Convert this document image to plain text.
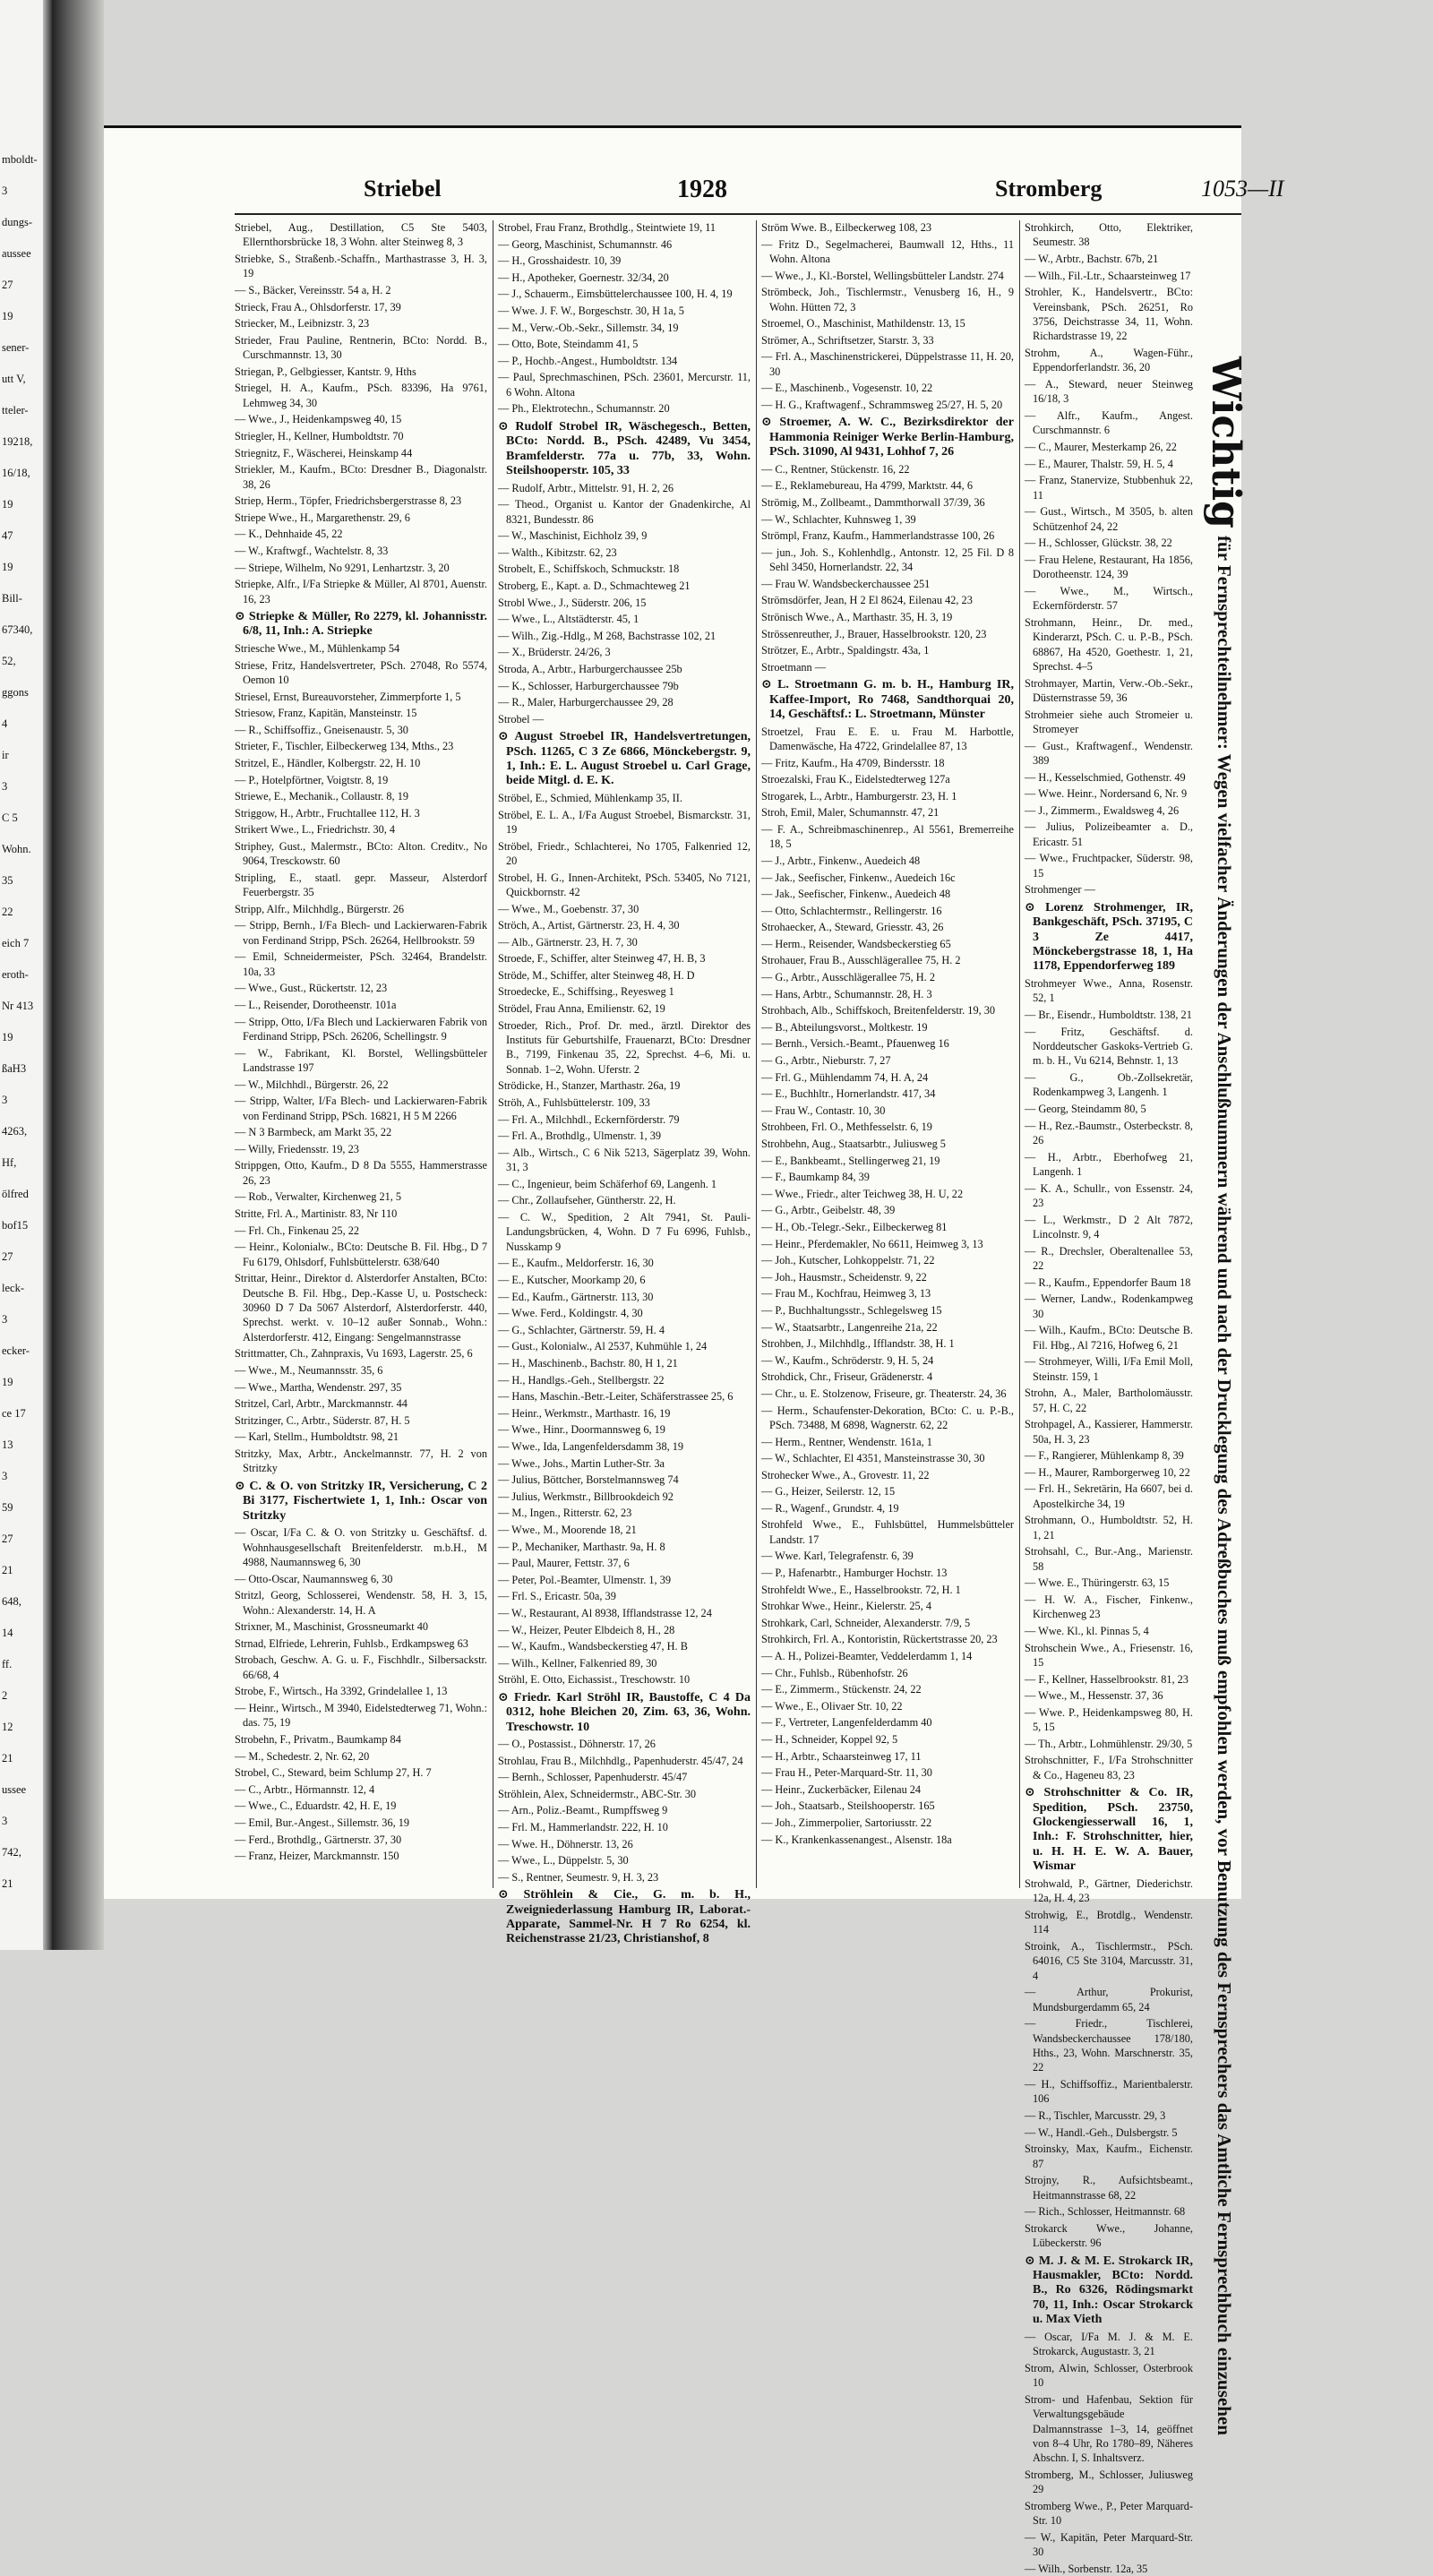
mboldt-
3
dungs-
aussee
27
19
sener-
utt V,
tteler-
19218,
16/18,
19
47
19
Bill-
67340,
52,
ggons
4
ir
3
C 5
Wohn.
35
22
eich 7
eroth-
Nr 413
19
ßaH3
3
4263,
Hf,
ölfred
bof15
27
leck-
3
ecker-
19
ce 17
13
3
59
27
21
648,
14
ff.
2
12
21
ussee
3
742,
21
Striebel	1928	Stromberg	1053—II
Striebel, Aug., Destillation, C5 Ste 5403, Ellernthorsbrücke 18, 3 Wohn. alter Steinweg 8, 3
Striebke, S., Straßenb.-Schaffn., Marthastrasse 3, H. 3, 19
— S., Bäcker, Vereinsstr. 54 a, H. 2
Strieck, Frau A., Ohlsdorferstr. 17, 39
Striecker, M., Leibnizstr. 3, 23
Strieder, Frau Pauline, Rentnerin, BCto: Nordd. B., Curschmannstr. 13, 30
Striegan, P., Gelbgiesser, Kantstr. 9, Hths
Striegel, H. A., Kaufm., PSch. 83396, Ha 9761, Lehmweg 34, 30
— Wwe., J., Heidenkampsweg 40, 15
Striegler, H., Kellner, Humboldtstr. 70
Striegnitz, F., Wäscherei, Heinskamp 44
Striekler, M., Kaufm., BCto: Dresdner B., Diagonalstr. 38, 26
Striep, Herm., Töpfer, Friedrichsbergerstrasse 8, 23
Striepe Wwe., H., Margarethenstr. 29, 6
— K., Dehnhaide 45, 22
— W., Kraftwgf., Wachtelstr. 8, 33
— Striepe, Wilhelm, No 9291, Lenhartzstr. 3, 20
Striepke, Alfr., I/Fa Striepke & Müller, Al 8701, Auenstr. 16, 23
⊙ Striepke & Müller, Ro 2279, kl. Johannisstr. 6/8, 11, Inh.: A. Striepke
Striesche Wwe., M., Mühlenkamp 54
Striese, Fritz, Handelsvertreter, PSch. 27048, Ro 5574, Oemon 10
Striesel, Ernst, Bureauvorsteher, Zimmerpforte 1, 5
Striesow, Franz, Kapitän, Mansteinstr. 15
— R., Schiffsoffiz., Gneisenaustr. 5, 30
Strieter, F., Tischler, Eilbeckerweg 134, Mths., 23
Stritzel, E., Händler, Kolbergstr. 22, H. 10
— P., Hotelpförtner, Voigtstr. 8, 19
Striewe, E., Mechanik., Collaustr. 8, 19
Striggow, H., Arbtr., Fruchtallee 112, H. 3
Strikert Wwe., L., Friedrichstr. 30, 4
Striphey, Gust., Malermstr., BCto: Alton. Creditv., No 9064, Tresckowstr. 60
Stripling, E., staatl. gepr. Masseur, Alsterdorf Feuerbergstr. 35
Stripp, Alfr., Milchhdlg., Bürgerstr. 26
— Stripp, Bernh., I/Fa Blech- und Lackierwaren-Fabrik von Ferdinand Stripp, PSch. 26264, Hellbrookstr. 59
— Emil, Schneidermeister, PSch. 32464, Brandelstr. 10a, 33
— Wwe., Gust., Rückertstr. 12, 23
— L., Reisender, Dorotheenstr. 101a
— Stripp, Otto, I/Fa Blech und Lackierwaren Fabrik von Ferdinand Stripp, PSch. 26206, Schellingstr. 9
— W., Fabrikant, Kl. Borstel, Wellingsbütteler Landstrasse 197
— W., Milchhdl., Bürgerstr. 26, 22
— Stripp, Walter, I/Fa Blech- und Lackierwaren-Fabrik von Ferdinand Stripp, PSch. 16821, H 5 M 2266
— N 3 Barmbeck, am Markt 35, 22
— Willy, Friedensstr. 19, 23
Strippgen, Otto, Kaufm., D 8 Da 5555, Hammerstrasse 26, 23
— Rob., Verwalter, Kirchenweg 21, 5
Stritte, Frl. A., Martinistr. 83, Nr 110
— Frl. Ch., Finkenau 25, 22
— Heinr., Kolonialw., BCto: Deutsche B. Fil. Hbg., D 7 Fu 6179, Ohlsdorf, Fuhlsbüttelerstr. 638/640
Strittar, Heinr., Direktor d. Alsterdorfer Anstalten, BCto: Deutsche B. Fil. Hbg., Dep.-Kasse U, u. Postscheck: 30960 D 7 Da 5067 Alsterdorf, Alsterdorferstr. 440, Sprechst. werkt. v. 10–12 außer Sonnab., Wohn.: Alsterdorferstr. 412, Eingang: Sengelmannstrasse
Strittmatter, Ch., Zahnpraxis, Vu 1693, Lagerstr. 25, 6
— Wwe., M., Neumannsstr. 35, 6
— Wwe., Martha, Wendenstr. 297, 35
Stritzel, Carl, Arbtr., Marckmannstr. 44
Stritzinger, C., Arbtr., Süderstr. 87, H. 5
— Karl, Stellm., Humboldtstr. 98, 21
Stritzky, Max, Arbtr., Anckelmannstr. 77, H. 2 von Stritzky
⊙ C. & O. von Stritzky IR, Versicherung, C 2 Bi 3177, Fischertwiete 1, 1, Inh.: Oscar von Stritzky
— Oscar, I/Fa C. & O. von Stritzky u. Geschäftsf. d. Wohnhausgesellschaft Breitenfelderstr. m.b.H., M 4988, Naumannsweg 6, 30
— Otto-Oscar, Naumannsweg 6, 30
Stritzl, Georg, Schlosserei, Wendenstr. 58, H. 3, 15, Wohn.: Alexanderstr. 14, H. A
Strixner, M., Maschinist, Grossneumarkt 40
Strnad, Elfriede, Lehrerin, Fuhlsb., Erdkampsweg 63
Strobach, Geschw. A. G. u. F., Fischhdlr., Silbersackstr. 66/68, 4
Strobe, F., Wirtsch., Ha 3392, Grindelallee 1, 13
— Heinr., Wirtsch., M 3940, Eidelstedterweg 71, Wohn.: das. 75, 19
Strobehn, F., Privatm., Baumkamp 84
— M., Schedestr. 2, Nr. 62, 20
Strobel, C., Steward, beim Schlump 27, H. 7
— C., Arbtr., Hörmannstr. 12, 4
— Wwe., C., Eduardstr. 42, H. E, 19
— Emil, Bur.-Angest., Sillemstr. 36, 19
— Ferd., Brothdlg., Gärtnerstr. 37, 30
— Franz, Heizer, Marckmannstr. 150
Strobel, Frau Franz, Brothdlg., Steintwiete 19, 11
— Georg, Maschinist, Schumannstr. 46
— H., Grosshaidestr. 10, 39
— H., Apotheker, Goernestr. 32/34, 20
— J., Schauerm., Eimsbüttelerchaussee 100, H. 4, 19
— Wwe. J. F. W., Borgeschstr. 30, H 1a, 5
— M., Verw.-Ob.-Sekr., Sillemstr. 34, 19
— Otto, Bote, Steindamm 41, 5
— P., Hochb.-Angest., Humboldtstr. 134
— Paul, Sprechmaschinen, PSch. 23601, Mercurstr. 11, 6 Wohn. Altona
— Ph., Elektrotechn., Schumannstr. 20
⊙ Rudolf Strobel IR, Wäschegesch., Betten, BCto: Nordd. B., PSch. 42489, Vu 3454, Bramfelderstr. 77a u. 77b, 33, Wohn. Steilshooperstr. 105, 33
— Rudolf, Arbtr., Mittelstr. 91, H. 2, 26
— Theod., Organist u. Kantor der Gnadenkirche, Al 8321, Bundesstr. 86
— W., Maschinist, Eichholz 39, 9
— Walth., Kibitzstr. 62, 23
Strobelt, E., Schiffskoch, Schmuckstr. 18
Stroberg, E., Kapt. a. D., Schmachteweg 21
Strobl Wwe., J., Süderstr. 206, 15
— Wwe., L., Altstädterstr. 45, 1
— Wilh., Zig.-Hdlg., M 268, Bachstrasse 102, 21
— X., Brüderstr. 24/26, 3
Stroda, A., Arbtr., Harburgerchaussee 25b
— K., Schlosser, Harburgerchaussee 79b
— R., Maler, Harburgerchaussee 29, 28
Strobel —
⊙ August Stroebel IR, Handelsvertretungen, PSch. 11265, C 3 Ze 6866, Mönckebergstr. 9, 1, Inh.: E. L. August Stroebel u. Carl Grage, beide Mitgl. d. E. K.
Ströbel, E., Schmied, Mühlenkamp 35, II.
Ströbel, E. L. A., I/Fa August Stroebel, Bismarckstr. 31, 19
Ströbel, Friedr., Schlachterei, No 1705, Falkenried 12, 20
Strobel, H. G., Innen-Architekt, PSch. 53405, No 7121, Quickbornstr. 42
— Wwe., M., Goebenstr. 37, 30
Ströch, A., Artist, Gärtnerstr. 23, H. 4, 30
— Alb., Gärtnerstr. 23, H. 7, 30
Stroede, F., Schiffer, alter Steinweg 47, H. B, 3
Ströde, M., Schiffer, alter Steinweg 48, H. D
Stroedecke, E., Schiffsing., Reyesweg 1
Strödel, Frau Anna, Emilienstr. 62, 19
Stroeder, Rich., Prof. Dr. med., ärztl. Direktor des Instituts für Geburtshilfe, Frauenarzt, BCto: Dresdner B., 7199, Finkenau 35, 22, Sprechst. 4–6, Mi. u. Sonnab. 1–2, Wohn. Uferstr. 2
Strödicke, H., Stanzer, Marthastr. 26a, 19
Ströh, A., Fuhlsbüttelerstr. 109, 33
— Frl. A., Milchhdl., Eckernförderstr. 79
— Frl. A., Brothdlg., Ulmenstr. 1, 39
— Alb., Wirtsch., C 6 Nik 5213, Sägerplatz 39, Wohn. 31, 3
— C., Ingenieur, beim Schäferhof 69, Langenh. 1
— Chr., Zollaufseher, Güntherstr. 22, H.
— C. W., Spedition, 2 Alt 7941, St. Pauli-Landungsbrücken, 4, Wohn. D 7 Fu 6996, Fuhlsb., Nusskamp 9
— E., Kaufm., Meldorferstr. 16, 30
— E., Kutscher, Moorkamp 20, 6
— Ed., Kaufm., Gärtnerstr. 113, 30
— Wwe. Ferd., Koldingstr. 4, 30
— G., Schlachter, Gärtnerstr. 59, H. 4
— Gust., Kolonialw., Al 2537, Kuhmühle 1, 24
— H., Maschinenb., Bachstr. 80, H 1, 21
— H., Handlgs.-Geh., Stellbergstr. 22
— Hans, Maschin.-Betr.-Leiter, Schäferstrassee 25, 6
— Heinr., Werkmstr., Marthastr. 16, 19
— Wwe., Hinr., Doormannsweg 6, 19
— Wwe., Ida, Langenfeldersdamm 38, 19
— Wwe., Johs., Martin Luther-Str. 3a
— Julius, Böttcher, Borstelmannsweg 74
— Julius, Werkmstr., Billbrookdeich 92
— M., Ingen., Ritterstr. 62, 23
— Wwe., M., Moorende 18, 21
— P., Mechaniker, Marthastr. 9a, H. 8
— Paul, Maurer, Fettstr. 37, 6
— Peter, Pol.-Beamter, Ulmenstr. 1, 39
— Frl. S., Ericastr. 50a, 39
— W., Restaurant, Al 8938, Ifflandstrasse 12, 24
— W., Heizer, Peuter Elbdeich 8, H., 28
— W., Kaufm., Wandsbeckerstieg 47, H. B
— Wilh., Kellner, Falkenried 89, 30
Ströhl, E. Otto, Eichassist., Treschowstr. 10
⊙ Friedr. Karl Ströhl IR, Baustoffe, C 4 Da 0312, hohe Bleichen 20, Zim. 63, 36, Wohn. Treschowstr. 10
— O., Postassist., Döhnerstr. 17, 26
Strohlau, Frau B., Milchhdlg., Papenhuderstr. 45/47, 24
— Bernh., Schlosser, Papenhuderstr. 45/47
Ströhlein, Alex, Schneidermstr., ABC-Str. 30
— Arn., Poliz.-Beamt., Rumpffsweg 9
— Frl. M., Hammerlandstr. 222, H. 10
— Wwe. H., Döhnerstr. 13, 26
— Wwe., L., Düppelstr. 5, 30
— S., Rentner, Seumestr. 9, H. 3, 23
⊙ Ströhlein & Cie., G. m. b. H., Zweigniederlassung Hamburg IR, Laborat.-Apparate, Sammel-Nr. H 7 Ro 6254, kl. Reichenstrasse 21/23, Christianshof, 8
Ström Wwe. B., Eilbeckerweg 108, 23
— Fritz D., Segelmacherei, Baumwall 12, Hths., 11 Wohn. Altona
— Wwe., J., Kl.-Borstel, Wellingsbütteler Landstr. 274
Strömbeck, Joh., Tischlermstr., Venusberg 16, H., 9 Wohn. Hütten 72, 3
Stroemel, O., Maschinist, Mathildenstr. 13, 15
Strömer, A., Schriftsetzer, Starstr. 3, 33
— Frl. A., Maschinenstrickerei, Düppelstrasse 11, H. 20, 30
— E., Maschinenb., Vogesenstr. 10, 22
— H. G., Kraftwagenf., Schrammsweg 25/27, H. 5, 20
⊙ Stroemer, A. W. C., Bezirksdirektor der Hammonia Reiniger Werke Berlin-Hamburg, PSch. 31090, Al 9431, Lohhof 7, 26
— C., Rentner, Stückenstr. 16, 22
— E., Reklamebureau, Ha 4799, Marktstr. 44, 6
Strömig, M., Zollbeamt., Dammthorwall 37/39, 36
— W., Schlachter, Kuhnsweg 1, 39
Strömpl, Franz, Kaufm., Hammerlandstrasse 100, 26
— jun., Joh. S., Kohlenhdlg., Antonstr. 12, 25 Fil. D 8 Sehl 3450, Hornerlandstr. 22, 34
— Frau W. Wandsbeckerchaussee 251
Strömsdörfer, Jean, H 2 El 8624, Eilenau 42, 23
Strönisch Wwe., A., Marthastr. 35, H. 3, 19
Strössenreuther, J., Brauer, Hasselbrookstr. 120, 23
Strötzer, E., Arbtr., Spaldingstr. 43a, 1
Stroetmann —
⊙ L. Stroetmann G. m. b. H., Hamburg IR, Kaffee-Import, Ro 7468, Sandthorquai 20, 14, Geschäftsf.: L. Stroetmann, Münster
Stroetzel, Frau E. E. u. Frau M. Harbottle, Damenwäsche, Ha 4722, Grindelallee 87, 13
— Fritz, Kaufm., Ha 4709, Bindersstr. 18
Stroezalski, Frau K., Eidelstedterweg 127a
Strogarek, L., Arbtr., Hamburgerstr. 23, H. 1
Stroh, Emil, Maler, Schumannstr. 47, 21
— F. A., Schreibmaschinenrep., Al 5561, Bremerreihe 18, 5
— J., Arbtr., Finkenw., Auedeich 48
— Jak., Seefischer, Finkenw., Auedeich 16c
— Jak., Seefischer, Finkenw., Auedeich 48
— Otto, Schlachtermstr., Rellingerstr. 16
Strohaecker, A., Steward, Griesstr. 43, 26
— Herm., Reisender, Wandsbeckerstieg 65
Strohauer, Frau B., Ausschlägerallee 75, H. 2
— G., Arbtr., Ausschlägerallee 75, H. 2
— Hans, Arbtr., Schumannstr. 28, H. 3
Strohbach, Alb., Schiffskoch, Breitenfelderstr. 19, 30
— B., Abteilungsvorst., Moltkestr. 19
— Bernh., Versich.-Beamt., Pfauenweg 16
— G., Arbtr., Nieburstr. 7, 27
— Frl. G., Mühlendamm 74, H. A, 24
— E., Buchhltr., Hornerlandstr. 417, 34
— Frau W., Contastr. 10, 30
Strohbeen, Frl. O., Methfesselstr. 6, 19
Strohbehn, Aug., Staatsarbtr., Juliusweg 5
— E., Bankbeamt., Stellingerweg 21, 19
— F., Baumkamp 84, 39
— Wwe., Friedr., alter Teichweg 38, H. U, 22
— G., Arbtr., Geibelstr. 48, 39
— H., Ob.-Telegr.-Sekr., Eilbeckerweg 81
— Heinr., Pferdemakler, No 6611, Heimweg 3, 13
— Joh., Kutscher, Lohkoppelstr. 71, 22
— Joh., Hausmstr., Scheidenstr. 9, 22
— Frau M., Kochfrau, Heimweg 3, 13
— P., Buchhaltungsstr., Schlegelsweg 15
— W., Staatsarbtr., Langenreihe 21a, 22
Strohben, J., Milchhdlg., Ifflandstr. 38, H. 1
— W., Kaufm., Schröderstr. 9, H. 5, 24
Strohdick, Chr., Friseur, Grädenerstr. 4
— Chr., u. E. Stolzenow, Friseure, gr. Theaterstr. 24, 36
— Herm., Schaufenster-Dekoration, BCto: C. u. P.-B., PSch. 73488, M 6898, Wagnerstr. 62, 22
— Herm., Rentner, Wendenstr. 161a, 1
— W., Schlachter, El 4351, Mansteinstrasse 30, 30
Strohecker Wwe., A., Grovestr. 11, 22
— G., Heizer, Seilerstr. 12, 15
— R., Wagenf., Grundstr. 4, 19
Strohfeld Wwe., E., Fuhlsbüttel, Hummelsbütteler Landstr. 17
— Wwe. Karl, Telegrafenstr. 6, 39
— P., Hafenarbtr., Hamburger Hochstr. 13
Strohfeldt Wwe., E., Hasselbrookstr. 72, H. 1
Strohkar Wwe., Heinr., Kielerstr. 25, 4
Strohkark, Carl, Schneider, Alexanderstr. 7/9, 5
Strohkirch, Frl. A., Kontoristin, Rückertstrasse 20, 23
— A. H., Polizei-Beamter, Veddelerdamm 1, 14
— Chr., Fuhlsb., Rübenhofstr. 26
— E., Zimmerm., Stückenstr. 24, 22
— Wwe., E., Olivaer Str. 10, 22
— F., Vertreter, Langenfelderdamm 40
— H., Schneider, Koppel 92, 5
— H., Arbtr., Schaarsteinweg 17, 11
— Frau H., Peter-Marquard-Str. 11, 30
— Heinr., Zuckerbäcker, Eilenau 24
— Joh., Staatsarb., Steilshooperstr. 165
— Joh., Zimmerpolier, Sartoriusstr. 22
— K., Krankenkassenangest., Alsenstr. 18a
Strohkirch, Otto, Elektriker, Seumestr. 38
— W., Arbtr., Bachstr. 67b, 21
— Wilh., Fil.-Ltr., Schaarsteinweg 17
Strohler, K., Handelsvertr., BCto: Vereinsbank, PSch. 26251, Ro 3756, Deichstrasse 34, 11, Wohn. Richardstrasse 19, 22
Strohm, A., Wagen-Führ., Eppendorferlandstr. 36, 20
— A., Steward, neuer Steinweg 16/18, 3
— Alfr., Kaufm., Angest. Curschmannstr. 6
— C., Maurer, Mesterkamp 26, 22
— E., Maurer, Thalstr. 59, H. 5, 4
— Franz, Stanervize, Stubbenhuk 22, 11
— Gust., Wirtsch., M 3505, b. alten Schützenhof 24, 22
— H., Schlosser, Glückstr. 38, 22
— Frau Helene, Restaurant, Ha 1856, Dorotheenstr. 124, 39
— Wwe., M., Wirtsch., Eckernförderstr. 57
Strohmann, Heinr., Dr. med., Kinderarzt, PSch. C. u. P.-B., PSch. 68867, Ha 4520, Goethestr. 1, 21, Sprechst. 4–5
Strohmayer, Martin, Verw.-Ob.-Sekr., Düsternstrasse 59, 36
Strohmeier siehe auch Stromeier u. Stromeyer
— Gust., Kraftwagenf., Wendenstr. 389
— H., Kesselschmied, Gothenstr. 49
— Wwe. Heinr., Nordersand 6, Nr. 9
— J., Zimmerm., Ewaldsweg 4, 26
— Julius, Polizeibeamter a. D., Ericastr. 51
— Wwe., Fruchtpacker, Süderstr. 98, 15
Strohmenger —
⊙ Lorenz Strohmenger, IR, Bankgeschäft, PSch. 37195, C 3 Ze 4417, Mönckebergstrasse 18, 1, Ha 1178, Eppendorferweg 189
Strohmeyer Wwe., Anna, Rosenstr. 52, 1
— Br., Eisendr., Humboldtstr. 138, 21
— Fritz, Geschäftsf. d. Norddeutscher Gaskoks-Vertrieb G. m. b. H., Vu 6214, Behnstr. 1, 13
— G., Ob.-Zollsekretär, Rodenkampweg 3, Langenh. 1
— Georg, Steindamm 80, 5
— H., Rez.-Baumstr., Osterbeckstr. 8, 26
— H., Arbtr., Eberhofweg 21, Langenh. 1
— K. A., Schullr., von Essenstr. 24, 23
— L., Werkmstr., D 2 Alt 7872, Lincolnstr. 9, 4
— R., Drechsler, Oberaltenallee 53, 22
— R., Kaufm., Eppendorfer Baum 18
— Werner, Landw., Rodenkampweg 30
— Wilh., Kaufm., BCto: Deutsche B. Fil. Hbg., Al 7216, Hofweg 6, 21
— Strohmeyer, Willi, I/Fa Emil Moll, Steinstr. 159, 1
Strohn, A., Maler, Bartholomäusstr. 57, H. C, 22
Strohpagel, A., Kassierer, Hammerstr. 50a, H. 3, 23
— F., Rangierer, Mühlenkamp 8, 39
— H., Maurer, Ramborgerweg 10, 22
— Frl. H., Sekretärin, Ha 6607, bei d. Apostelkirche 34, 19
Strohmann, O., Humboldtstr. 52, H. 1, 21
Strohsahl, C., Bur.-Ang., Marienstr. 58
— Wwe. E., Thüringerstr. 63, 15
— H. W. A., Fischer, Finkenw., Kirchenweg 23
— Wwe. Kl., kl. Pinnas 5, 4
Strohschein Wwe., A., Friesenstr. 16, 15
— F., Kellner, Hasselbrookstr. 81, 23
— Wwe., M., Hessenstr. 37, 36
— Wwe. P., Heidenkampsweg 80, H. 5, 15
— Th., Arbtr., Lohmühlenstr. 29/30, 5
Strohschnitter, F., I/Fa Strohschnitter & Co., Hageneu 83, 23
⊙ Strohschnitter & Co. IR, Spedition, PSch. 23750, Glockengiesserwall 16, 1, Inh.: F. Strohschnitter, hier, u. H. H. E. W. A. Bauer, Wismar
Strohwald, P., Gärtner, Diederichstr. 12a, H. 4, 23
Strohwig, E., Brotdlg., Wendenstr. 114
Stroink, A., Tischlermstr., PSch. 64016, C5 Ste 3104, Marcusstr. 31, 4
— Arthur, Prokurist, Mundsburgerdamm 65, 24
— Friedr., Tischlerei, Wandsbeckerchaussee 178/180, Hths., 23, Wohn. Marschnerstr. 35, 22
— H., Schiffsoffiz., Marientbalerstr. 106
— R., Tischler, Marcusstr. 29, 3
— W., Handl.-Geh., Dulsbergstr. 5
Stroinsky, Max, Kaufm., Eichenstr. 87
Strojny, R., Aufsichtsbeamt., Heitmannstrasse 68, 22
— Rich., Schlosser, Heitmannstr. 68
Strokarck Wwe., Johanne, Lübeckerstr. 96
⊙ M. J. & M. E. Strokarck IR, Hausmakler, BCto: Nordd. B., Ro 6326, Rödingsmarkt 70, 11, Inh.: Oscar Strokarck u. Max Vieth
— Oscar, I/Fa M. J. & M. E. Strokarck, Augustastr. 3, 21
Strom, Alwin, Schlosser, Osterbrook 10
Strom- und Hafenbau, Sektion für Verwaltungsgebäude Dalmannstrasse 1–3, 14, geöffnet von 8–4 Uhr, Ro 1780–89, Näheres Abschn. I, S. Inhaltsverz.
Stromberg, M., Schlosser, Juliusweg 29
Stromberg Wwe., P., Peter Marquard-Str. 10
— W., Kapitän, Peter Marquard-Str. 30
— Wilh., Sorbenstr. 12a, 35
Wichtigfür Fernsprechteilnehmer: Wegen vielfacher Änderungen der Anschlußnummern während und nach der Drucklegung des Adreßbuches muß empfohlen werden, vor Benutzung des Fernsprechers das Amtliche Fernsprechbuch einzusehen
